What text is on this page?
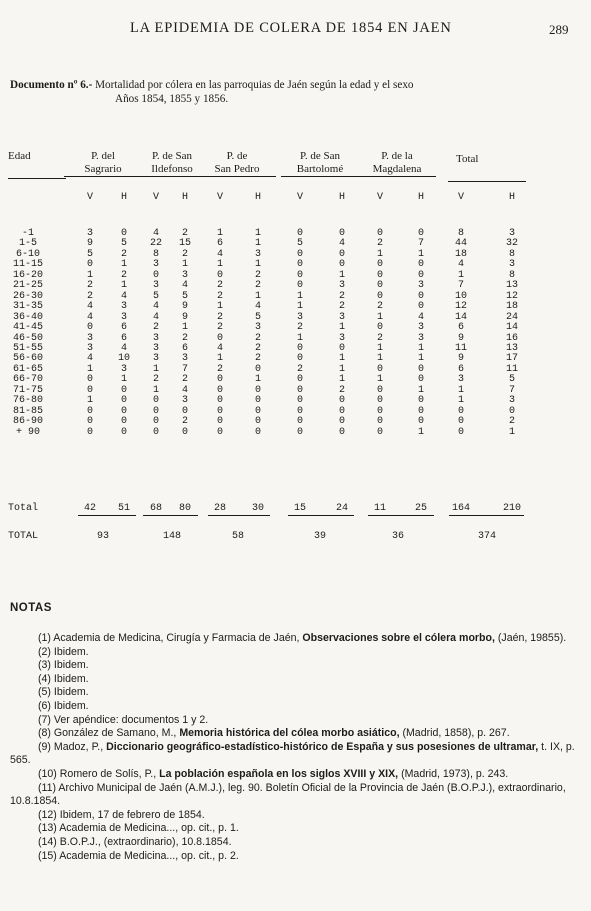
LA EPIDEMIA DE COLERA DE 1854 EN JAEN	289
Documento nº 6.- Mortalidad por cólera en las parroquias de Jaén según la edad y el sexo
Años 1854, 1855 y 1856.
Edad	P. del
Sagrario
P. de San
Ildefonso
P. de
San Pedro
P. de San
Bartolomé
P. de la
Magdalena
Total
V	H	V	H	V	H	V	H	V	H	V	H
-1	3	0	4	2	1	1	0	0	0	0	8	3
1-5	9	5	22	15	6	1	5	4	2	7	44	32
6-10	5	2	8	2	4	3	0	0	1	1	18	8
11-15	0	1	3	1	1	1	0	0	0	0	4	3
16-20	1	2	0	3	0	2	0	1	0	0	1	8
21-25	2	1	3	4	2	2	0	3	0	3	7	13
26-30	2	4	5	5	2	1	1	2	0	0	10	12
31-35	4	3	4	9	1	4	1	2	2	0	12	18
36-40	4	3	4	9	2	5	3	3	1	4	14	24
41-45	0	6	2	1	2	3	2	1	0	3	6	14
46-50	3	6	3	2	0	2	1	3	2	3	9	16
51-55	3	4	3	6	4	2	0	0	1	1	11	13
56-60	4	10	3	3	1	2	0	1	1	1	9	17
61-65	1	3	1	7	2	0	2	1	0	0	6	11
66-70	0	1	2	2	0	1	0	1	1	0	3	5
71-75	0	0	1	4	0	0	0	2	0	1	1	7
76-80	1	0	0	3	0	0	0	0	0	0	1	3
81-85	0	0	0	0	0	0	0	0	0	0	0	0
86-90	0	0	0	2	0	0	0	0	0	0	0	2
+ 90	0	0	0	0	0	0	0	0	0	1	0	1
Total	42	51	68	80	28	30	15	24	11	25	164	210
TOTAL	93	148	58	39	36	374
NOTAS

(1) Academia de Medicina, Cirugía y Farmacia de Jaén, Observaciones sobre el cólera morbo, (Jaén, 19855).

(2) Ibidem.

(3) Ibidem.

(4) Ibidem.

(5) Ibidem.

(6) Ibidem.

(7) Ver apéndice: documentos 1 y 2.

(8) González de Samano, M., Memoria histórica del cólea morbo asiático, (Madrid, 1858), p. 267.

(9) Madoz, P., Diccionario geográfico-estadístico-histórico de España y sus posesiones de ultramar, t. IX, p. 565.

(10) Romero de Solís, P., La población española en los siglos XVIII y XIX, (Madrid, 1973), p. 243.

(11) Archivo Municipal de Jaén (A.M.J.), leg. 90. Boletín Oficial de la Provincia de Jaén (B.O.P.J.), extraordinario, 10.8.1854.

(12) Ibidem, 17 de febrero de 1854.

(13) Academia de Medicina..., op. cit., p. 1.

(14) B.O.P.J., (extraordinario), 10.8.1854.

(15) Academia de Medicina..., op. cit., p. 2.
